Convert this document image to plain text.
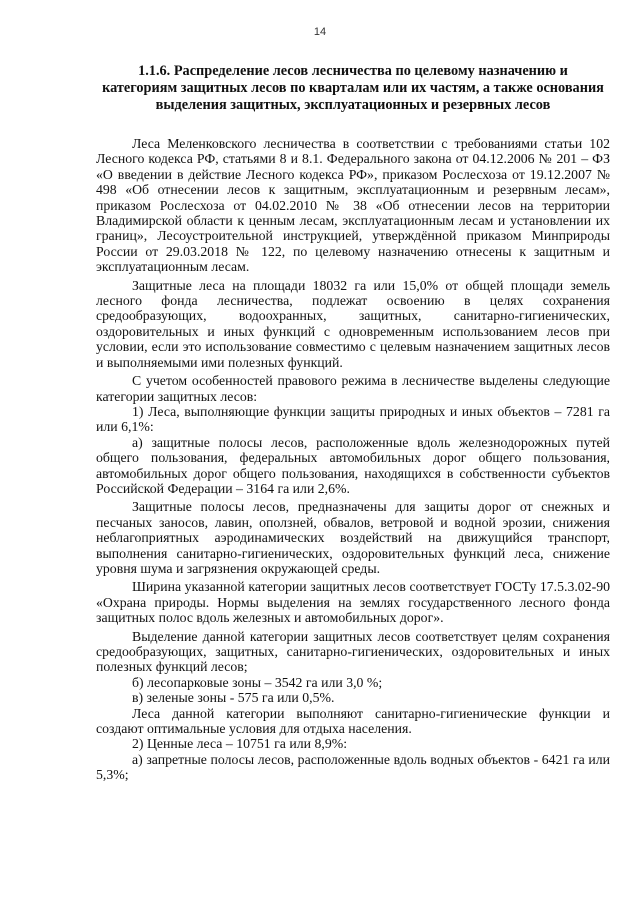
14
1.1.6. Распределение лесов лесничества по целевому назначению и
категориям защитных лесов по кварталам или их частям, а также основания
выделения защитных, эксплуатационных и резервных лесов

Леса Меленковского лесничества в соответствии с требованиями статьи 102 Лесного кодекса РФ, статьями 8 и 8.1. Федерального закона от 04.12.2006 № 201 – ФЗ «О введении в действие Лесного кодекса РФ», приказом Рослесхоза от 19.12.2007 № 498 «Об отнесении лесов к защитным, эксплуатационным и резервным лесам», приказом Рослесхоза от 04.02.2010 № 38 «Об отнесении лесов на территории Владимирской области к ценным лесам, эксплуатационным лесам и установлении их границ», Лесоустроительной инструкцией, утверждённой приказом Минприроды России от 29.03.2018 № 122, по целевому назначению отнесены к защитным и эксплуатационным лесам.

Защитные леса на площади 18032 га или 15,0% от общей площади земель лесного фонда лесничества, подлежат освоению в целях сохранения средообразующих, водоохранных, защитных, санитарно-гигиенических, оздоровительных и иных функций с одновременным использованием лесов при условии, если это использование совместимо с целевым назначением защитных лесов и выполняемыми ими полезных функций.

С учетом особенностей правового режима в лесничестве выделены следующие категории защитных лесов:

1) Леса, выполняющие функции защиты природных и иных объектов – 7281 га или 6,1%:

а) защитные полосы лесов, расположенные вдоль железнодорожных путей общего пользования, федеральных автомобильных дорог общего пользования, автомобильных дорог общего пользования, находящихся в собственности субъектов Российской Федерации – 3164 га или 2,6%.

Защитные полосы лесов, предназначены для защиты дорог от снежных и песчаных заносов, лавин, оползней, обвалов, ветровой и водной эрозии, снижения неблагоприятных аэродинамических воздействий на движущийся транспорт, выполнения санитарно-гигиенических, оздоровительных функций леса, снижение уровня шума и загрязнения окружающей среды.

Ширина указанной категории защитных лесов соответствует ГОСТу 17.5.3.02-90 «Охрана природы. Нормы выделения на землях государственного лесного фонда защитных полос вдоль железных и автомобильных дорог».

Выделение данной категории защитных лесов соответствует целям сохранения средообразующих, защитных, санитарно-гигиенических, оздоровительных и иных полезных функций лесов;

б) лесопарковые зоны – 3542 га или 3,0 %;

в) зеленые зоны - 575 га или 0,5%.

Леса данной категории выполняют санитарно-гигиенические функции и создают оптимальные условия для отдыха населения.

2) Ценные леса – 10751 га или 8,9%:

а) запретные полосы лесов, расположенные вдоль водных объектов - 6421 га или 5,3%;
